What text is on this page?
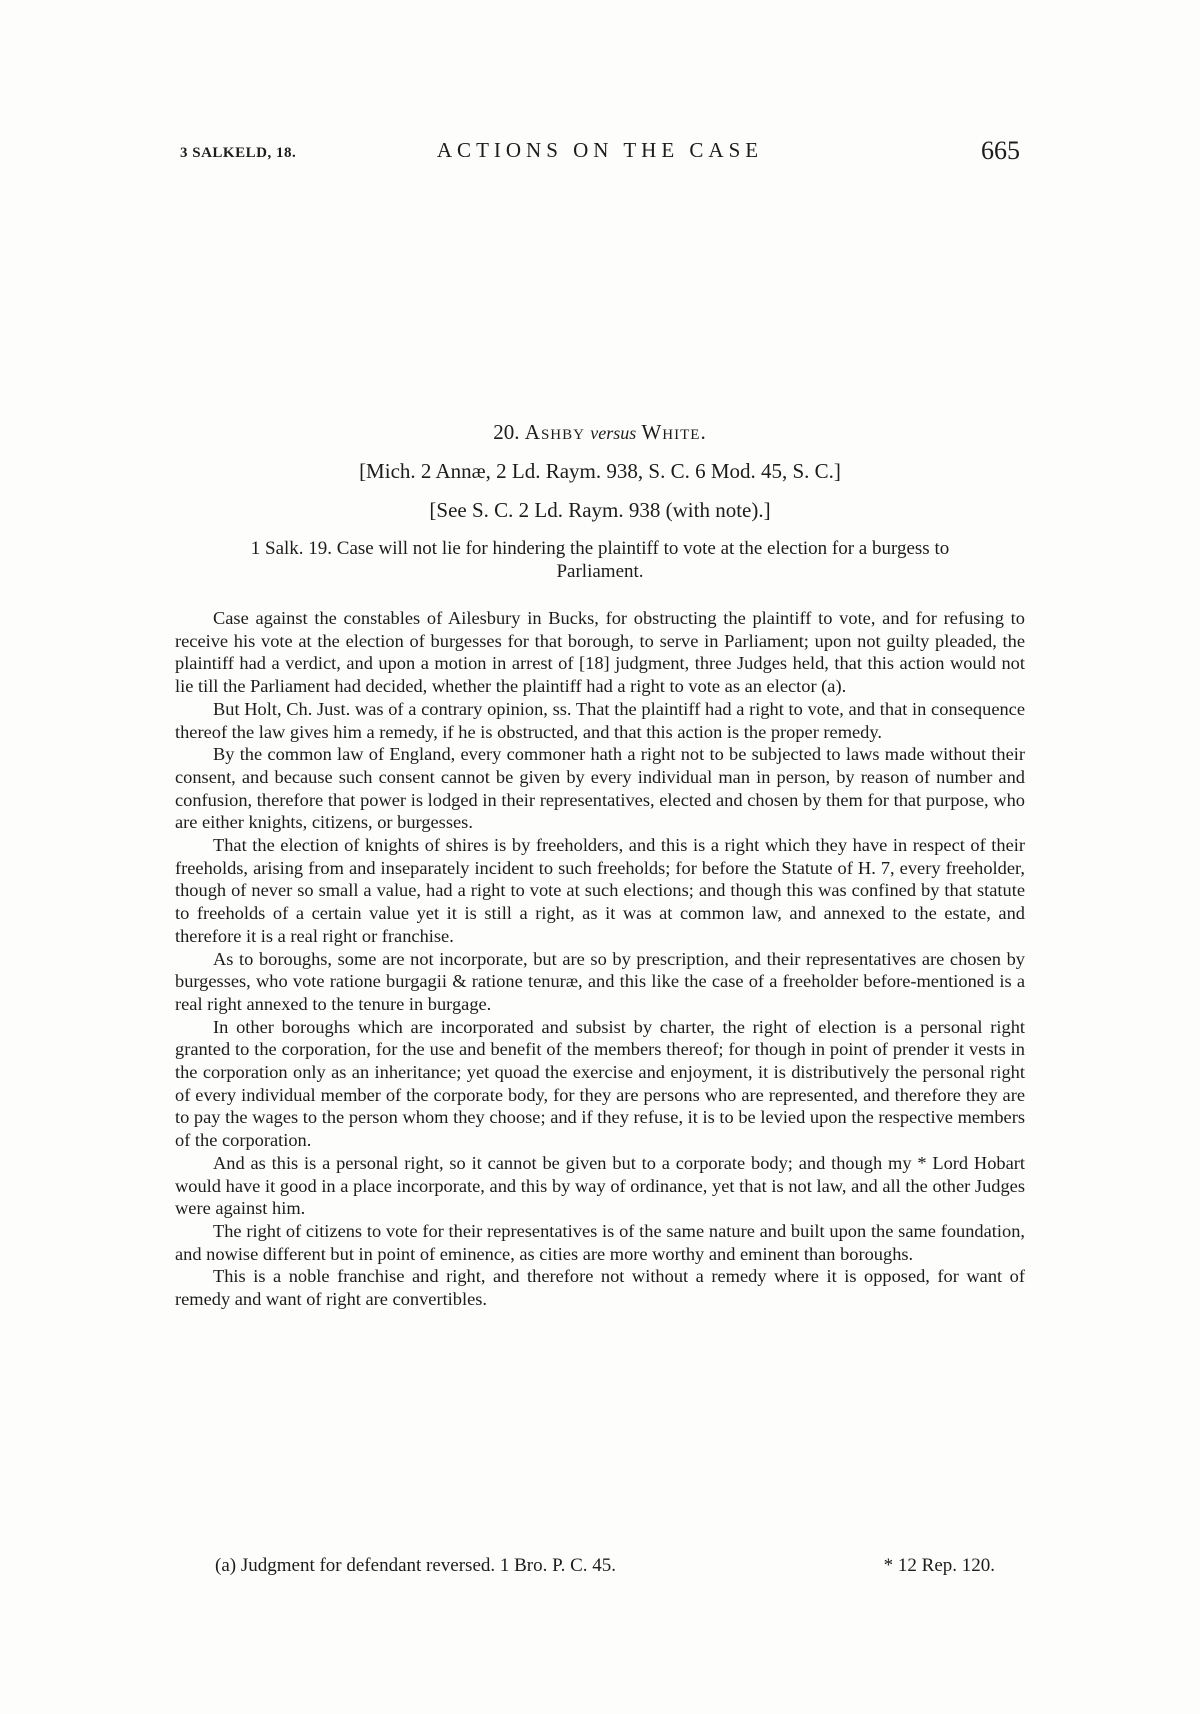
3 SALKELD, 18.	ACTIONS ON THE CASE	665

20. Ashby versus White.

[Mich. 2 Annæ, 2 Ld. Raym. 938, S. C. 6 Mod. 45, S. C.]

[See S. C. 2 Ld. Raym. 938 (with note).]

1 Salk. 19. Case will not lie for hindering the plaintiff to vote at the election for a burgess to Parliament.

Case against the constables of Ailesbury in Bucks, for obstructing the plaintiff to vote, and for refusing to receive his vote at the election of burgesses for that borough, to serve in Parliament; upon not guilty pleaded, the plaintiff had a verdict, and upon a motion in arrest of [18] judgment, three Judges held, that this action would not lie till the Parliament had decided, whether the plaintiff had a right to vote as an elector (a).

But Holt, Ch. Just. was of a contrary opinion, ss. That the plaintiff had a right to vote, and that in consequence thereof the law gives him a remedy, if he is obstructed, and that this action is the proper remedy.

By the common law of England, every commoner hath a right not to be subjected to laws made without their consent, and because such consent cannot be given by every individual man in person, by reason of number and confusion, therefore that power is lodged in their representatives, elected and chosen by them for that purpose, who are either knights, citizens, or burgesses.

That the election of knights of shires is by freeholders, and this is a right which they have in respect of their freeholds, arising from and inseparately incident to such freeholds; for before the Statute of H. 7, every freeholder, though of never so small a value, had a right to vote at such elections; and though this was confined by that statute to freeholds of a certain value yet it is still a right, as it was at common law, and annexed to the estate, and therefore it is a real right or franchise.

As to boroughs, some are not incorporate, but are so by prescription, and their representatives are chosen by burgesses, who vote ratione burgagii & ratione tenuræ, and this like the case of a freeholder before-mentioned is a real right annexed to the tenure in burgage.

In other boroughs which are incorporated and subsist by charter, the right of election is a personal right granted to the corporation, for the use and benefit of the members thereof; for though in point of prender it vests in the corporation only as an inheritance; yet quoad the exercise and enjoyment, it is distributively the personal right of every individual member of the corporate body, for they are persons who are represented, and therefore they are to pay the wages to the person whom they choose; and if they refuse, it is to be levied upon the respective members of the corporation.

And as this is a personal right, so it cannot be given but to a corporate body; and though my * Lord Hobart would have it good in a place incorporate, and this by way of ordinance, yet that is not law, and all the other Judges were against him.

The right of citizens to vote for their representatives is of the same nature and built upon the same foundation, and nowise different but in point of eminence, as cities are more worthy and eminent than boroughs.

This is a noble franchise and right, and therefore not without a remedy where it is opposed, for want of remedy and want of right are convertibles.

(a) Judgment for defendant reversed. 1 Bro. P. C. 45.	* 12 Rep. 120.
